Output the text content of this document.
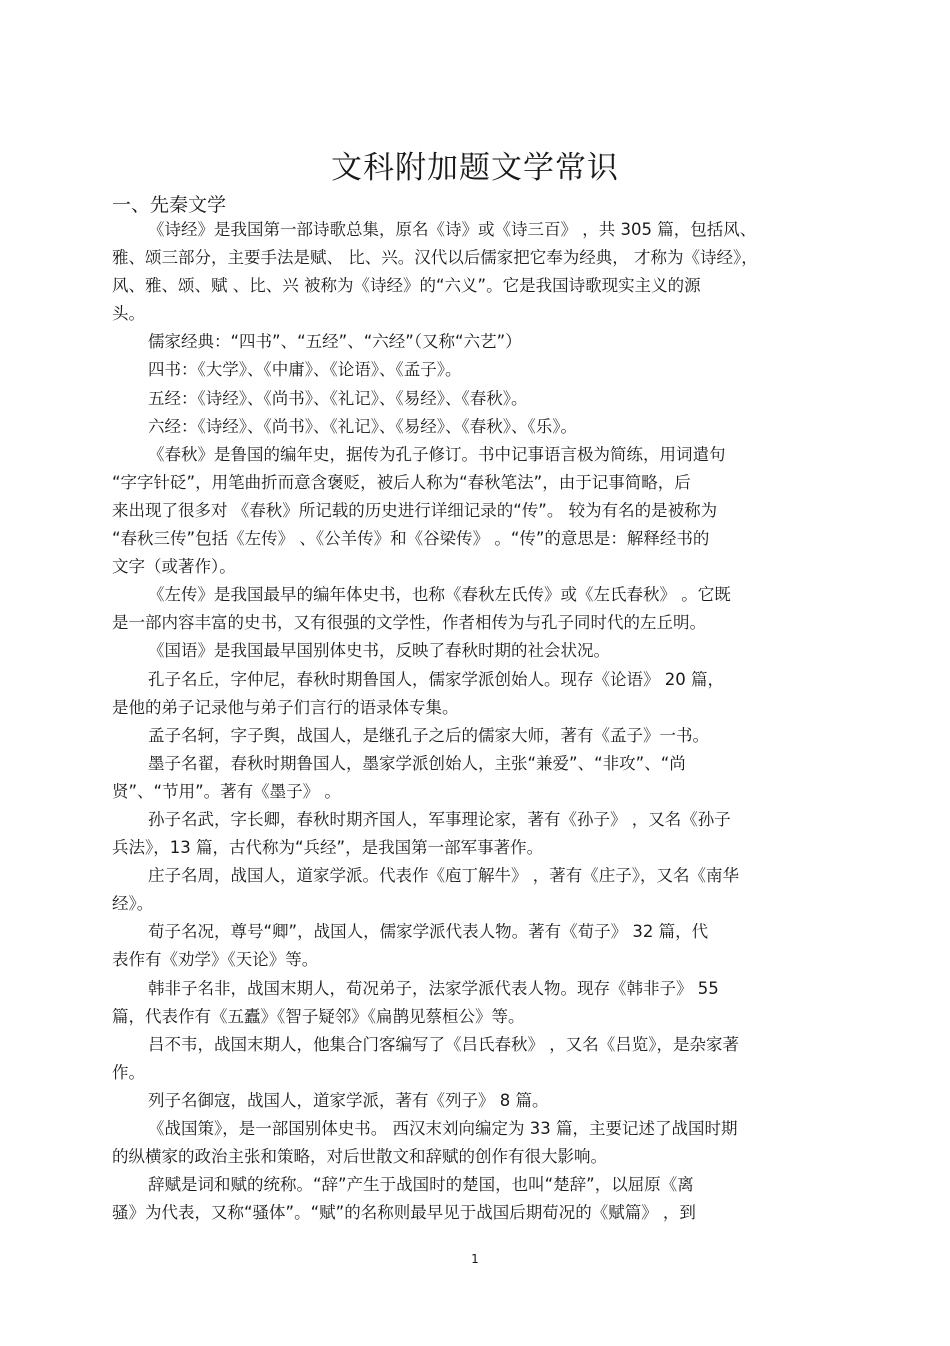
文科附加题文学常识
一、先秦文学
《诗经》是我国第一部诗歌总集，原名《诗》或《诗三百》 ，共 305 篇，包括风、
雅、颂三部分，主要手法是赋、 比、兴。汉代以后儒家把它奉为经典， 才称为《诗经》，
风、雅、颂、赋 、比、兴 被称为《诗经》的“六义”。它是我国诗歌现实主义的源
头。
儒家经典：“四书”、“五经”、“六经”（又称“六艺”）
四书：《大学》、《中庸》、《论语》、《孟子》。
五经：《诗经》、《尚书》、《礼记》、《易经》、《春秋》。
六经：《诗经》、《尚书》、《礼记》、《易经》、《春秋》、《乐》。
《春秋》是鲁国的编年史，据传为孔子修订。书中记事语言极为简练，用词遣句
“字字针砭”，用笔曲折而意含褒贬，被后人称为“春秋笔法”，由于记事简略，后
来出现了很多对 《春秋》所记载的历史进行详细记录的“传”。 较为有名的是被称为
“春秋三传”包括《左传》 、《公羊传》和《谷梁传》 。“传”的意思是：解释经书的
文字（或著作）。
《左传》是我国最早的编年体史书，也称《春秋左氏传》或《左氏春秋》 。它既
是一部内容丰富的史书，又有很强的文学性，作者相传为与孔子同时代的左丘明。
《国语》是我国最早国别体史书，反映了春秋时期的社会状况。
孔子名丘，字仲尼，春秋时期鲁国人，儒家学派创始人。现存《论语》 20 篇，
是他的弟子记录他与弟子们言行的语录体专集。
孟子名轲，字子舆，战国人，是继孔子之后的儒家大师，著有《孟子》一书。
墨子名翟，春秋时期鲁国人，墨家学派创始人，主张“兼爱”、“非攻”、“尚
贤”、“节用”。著有《墨子》 。
孙子名武，字长卿，春秋时期齐国人，军事理论家，著有《孙子》 ，又名《孙子
兵法》，13 篇，古代称为“兵经”，是我国第一部军事著作。
庄子名周，战国人，道家学派。代表作《庖丁解牛》 ，著有《庄子》，又名《南华
经》。
荀子名况，尊号“卿”，战国人，儒家学派代表人物。著有《荀子》 32 篇，代
表作有《劝学》《天论》等。
韩非子名非，战国末期人，荀况弟子，法家学派代表人物。现存《韩非子》 55
篇，代表作有《五蠹》《智子疑邻》《扁鹊见蔡桓公》等。
吕不韦，战国末期人，他集合门客编写了《吕氏春秋》 ，又名《吕览》，是杂家著
作。
列子名御寇，战国人，道家学派，著有《列子》 8 篇。
《战国策》，是一部国别体史书。 西汉末刘向编定为 33 篇，主要记述了战国时期
的纵横家的政治主张和策略，对后世散文和辞赋的创作有很大影响。
辞赋是词和赋的统称。“辞”产生于战国时的楚国，也叫“楚辞”，以屈原《离
骚》为代表，又称“骚体”。“赋”的名称则最早见于战国后期荀况的《赋篇》 ，到
1
